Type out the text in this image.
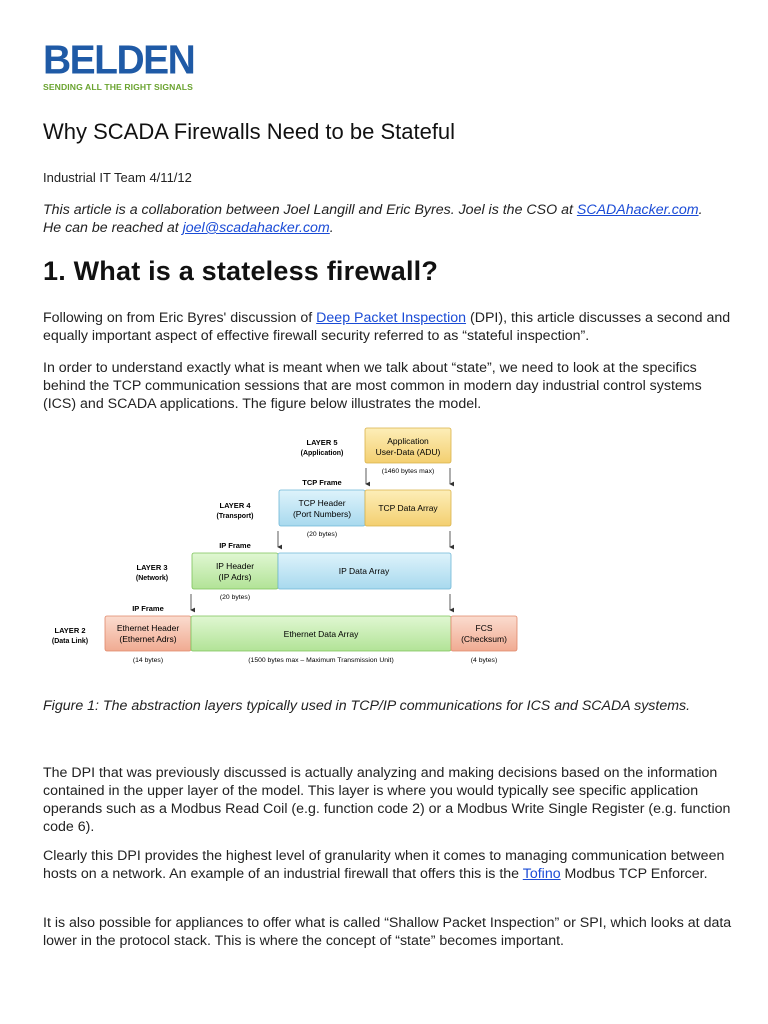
BELDEN
SENDING ALL THE RIGHT SIGNALS
Why SCADA Firewalls Need to be Stateful
Industrial IT Team 4/11/12
This article is a collaboration between Joel Langill and Eric Byres. Joel is the CSO at SCADAhacker.com. He can be reached at joel@scadahacker.com.
1. What is a stateless firewall?

Following on from Eric Byres' discussion of Deep Packet Inspection (DPI), this article discusses a second and equally important aspect of effective firewall security referred to as “stateful inspection”.

In order to understand exactly what is meant when we talk about “state”, we need to look at the specifics behind the TCP communication sessions that are most common in modern day industrial control systems (ICS) and SCADA applications. The figure below illustrates the model.

LAYER 5
(Application)
LAYER 4
(Transport)
LAYER 3
(Network)
LAYER 2
(Data Link)
Application
User-Data (ADU)
(1460 bytes max)
TCP Frame
TCP Header
(Port Numbers)
TCP Data Array
(20 bytes)
IP Frame
IP Header
(IP Adrs)
IP Data Array
(20 bytes)
IP Frame
Ethernet Header
(Ethernet Adrs)	Ethernet Data Array
FCS
(Checksum)
(14 bytes)	(1500 bytes max – Maximum Transmission Unit)	(4 bytes)
Figure 1: The abstraction layers typically used in TCP/IP communications for ICS and SCADA systems.

The DPI that was previously discussed is actually analyzing and making decisions based on the information contained in the upper layer of the model. This layer is where you would typically see specific application operands such as a Modbus Read Coil (e.g. function code 2) or a Modbus Write Single Register (e.g. function code 6).

Clearly this DPI provides the highest level of granularity when it comes to managing communication between hosts on a network. An example of an industrial firewall that offers this is the Tofino Modbus TCP Enforcer.

It is also possible for appliances to offer what is called “Shallow Packet Inspection” or SPI, which looks at data lower in the protocol stack. This is where the concept of “state” becomes important.
